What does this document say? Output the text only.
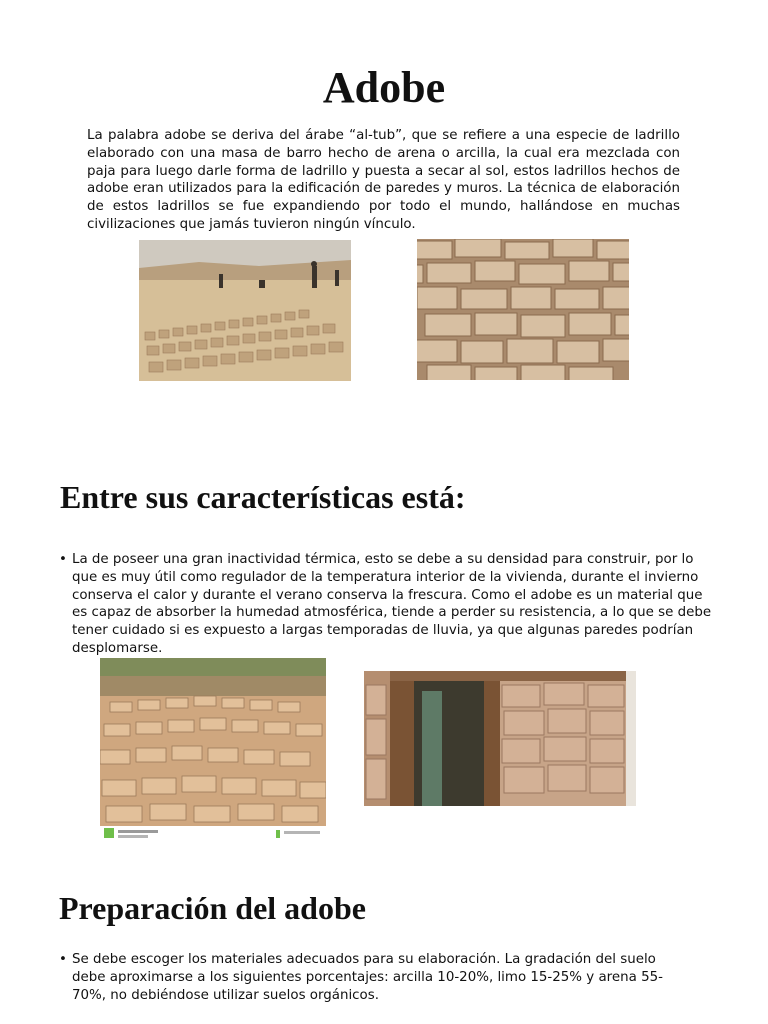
Adobe

La palabra adobe se deriva del árabe “al-tub”, que se refiere a una especie de ladrillo elaborado con una masa de barro hecho de arena o arcilla, la cual era mezclada con paja para luego darle forma de ladrillo y puesta a secar al sol, estos ladrillos hechos de adobe eran utilizados para la edificación de paredes y muros. La técnica de elaboración de estos ladrillos se fue expandiendo por todo el mundo, hallándose en muchas civilizaciones que jamás tuvieron ningún vínculo.

Entre sus características está:
• La de poseer una gran inactividad térmica, esto se debe a su densidad para construir, por lo que es muy útil como regulador de la temperatura interior de la vivienda, durante el invierno conserva el calor y durante el verano conserva la frescura. Como el adobe es un material que es capaz de absorber la humedad atmosférica, tiende a perder su resistencia, a lo que se debe tener cuidado si es expuesto a largas temporadas de lluvia, ya que algunas paredes podrían desplomarse.
Preparación del adobe
• Se debe escoger los materiales adecuados para su elaboración. La gradación del suelo debe aproximarse a los siguientes porcentajes: arcilla 10-20%, limo 15-25% y arena 55-70%, no debiéndose utilizar suelos orgánicos.
